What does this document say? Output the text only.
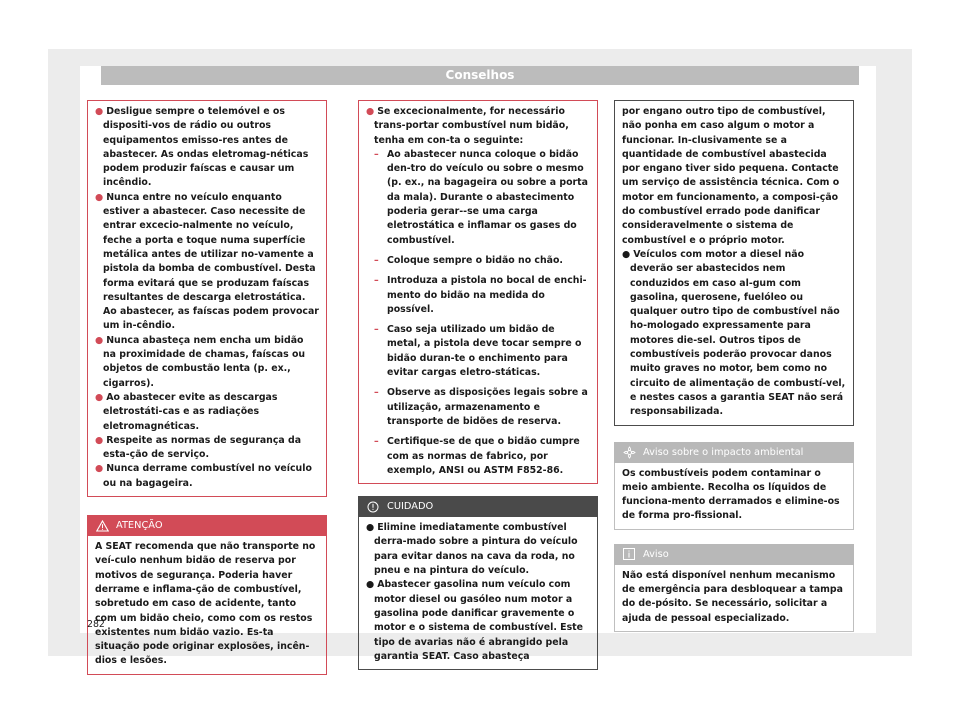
Conselhos

● Desligue sempre o telemóvel e os dispositi-vos de rádio ou outros equipamentos emisso-res antes de abastecer. As ondas eletromag-néticas podem produzir faíscas e causar um incêndio.

● Nunca entre no veículo enquanto estiver a abastecer. Caso necessite de entrar excecio-nalmente no veículo, feche a porta e toque numa superfície metálica antes de utilizar no-vamente a pistola da bomba de combustível. Desta forma evitará que se produzam faíscas resultantes de descarga eletrostática. Ao abastecer, as faíscas podem provocar um in-cêndio.

● Nunca abasteça nem encha um bidão na proximidade de chamas, faíscas ou objetos de combustão lenta (p. ex., cigarros).

● Ao abastecer evite as descargas eletrostáti-cas e as radiações eletromagnéticas.

● Respeite as normas de segurança da esta-ção de serviço.

● Nunca derrame combustível no veículo ou na bagageira.

ATENÇÃO

A SEAT recomenda que não transporte no veí-culo nenhum bidão de reserva por motivos de segurança. Poderia haver derrame e inflama-ção de combustível, sobretudo em caso de acidente, tanto com um bidão cheio, como com os restos existentes num bidão vazio. Es-ta situação pode originar explosões, incên-dios e lesões.

● Se excecionalmente, for necessário trans-portar combustível num bidão, tenha em con-ta o seguinte:

– Ao abastecer nunca coloque o bidão den-tro do veículo ou sobre o mesmo (p. ex., na bagageira ou sobre a porta da mala). Durante o abastecimento poderia gerar--se uma carga eletrostática e inflamar os gases do combustível.

– Coloque sempre o bidão no chão.

– Introduza a pistola no bocal de enchi-mento do bidão na medida do possível.

– Caso seja utilizado um bidão de metal, a pistola deve tocar sempre o bidão duran-te o enchimento para evitar cargas eletro-státicas.

– Observe as disposições legais sobre a utilização, armazenamento e transporte de bidões de reserva.

– Certifique-se de que o bidão cumpre com as normas de fabrico, por exemplo, ANSI ou ASTM F852-86.

CUIDADO

● Elimine imediatamente combustível derra-mado sobre a pintura do veículo para evitar danos na cava da roda, no pneu e na pintura do veículo.

● Abastecer gasolina num veículo com motor diesel ou gasóleo num motor a gasolina pode danificar gravemente o motor e o sistema de combustível. Este tipo de avarias não é abrangido pela garantia SEAT. Caso abasteça

por engano outro tipo de combustível, não ponha em caso algum o motor a funcionar. In-clusivamente se a quantidade de combustível abastecida por engano tiver sido pequena. Contacte um serviço de assistência técnica. Com o motor em funcionamento, a composi-ção do combustível errado pode danificar consideravelmente o sistema de combustível e o próprio motor.

● Veículos com motor a diesel não deverão ser abastecidos nem conduzidos em caso al-gum com gasolina, querosene, fuelóleo ou qualquer outro tipo de combustível não ho-mologado expressamente para motores die-sel. Outros tipos de combustíveis poderão provocar danos muito graves no motor, bem como no circuito de alimentação de combustí-vel, e nestes casos a garantia SEAT não será responsabilizada.

Aviso sobre o impacto ambiental

Os combustíveis podem contaminar o meio ambiente. Recolha os líquidos de funciona-mento derramados e elimine-os de forma pro-fissional.

Aviso

Não está disponível nenhum mecanismo de emergência para desbloquear a tampa do de-pósito. Se necessário, solicitar a ajuda de pessoal especializado.

282
